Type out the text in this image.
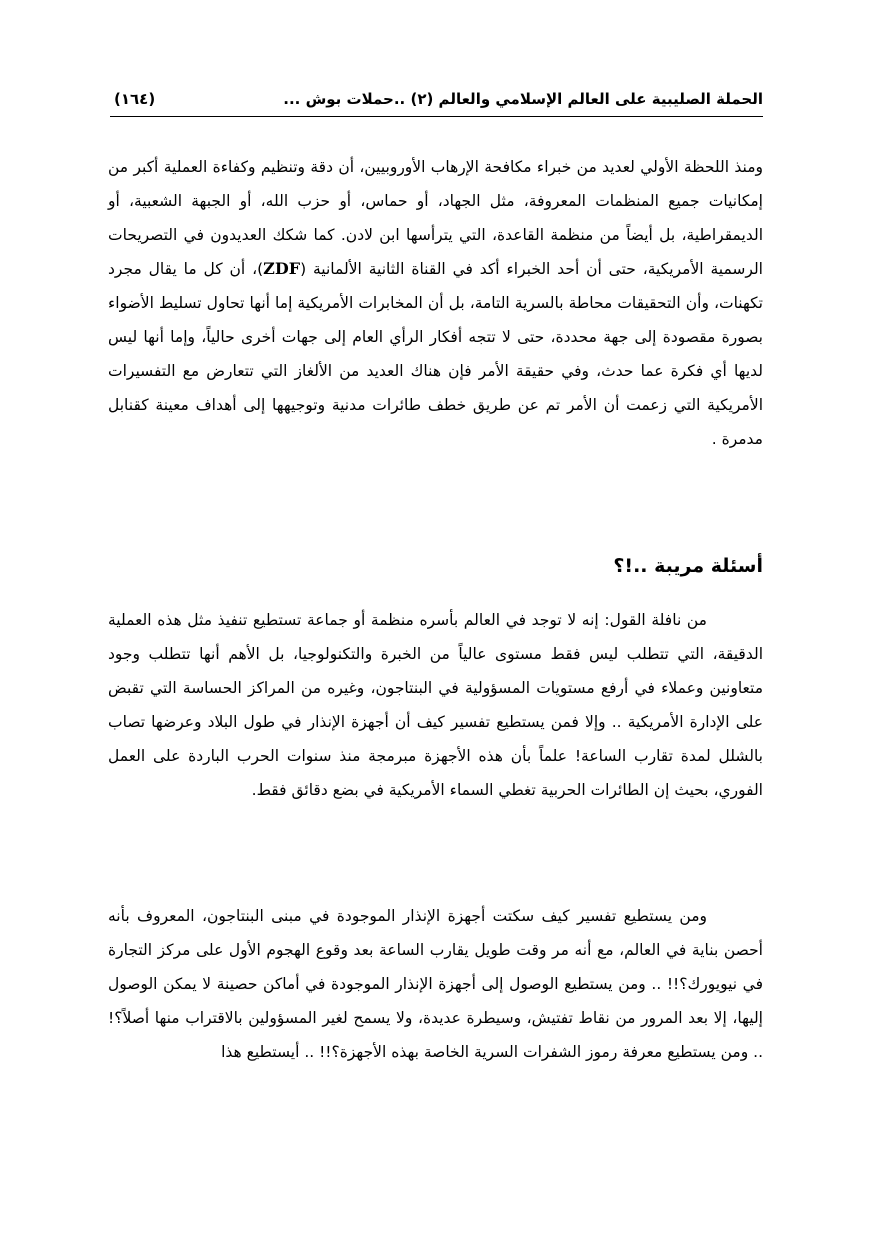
الحملة الصليبية على العالم الإسلامي والعالم (٢) ..حملات بوش ...
(١٦٤)

ومنذ اللحظة الأولي لعديد من خبراء مكافحة الإرهاب الأوروبيين، أن دقة وتنظيم وكفاءة العملية أكبر من إمكانيات جميع المنظمات المعروفة، مثل الجهاد، أو حماس، أو حزب الله، أو الجبهة الشعبية، أو الديمقراطية، بل أيضاً من منظمة القاعدة، التي يترأسها ابن لادن. كما شكك العديدون في التصريحات الرسمية الأمريكية، حتى أن أحد الخبراء أكد في القناة الثانية الألمانية (ZDF)، أن كل ما يقال مجرد تكهنات، وأن التحقيقات محاطة بالسرية التامة، بل أن المخابرات الأمريكية إما أنها تحاول تسليط الأضواء بصورة مقصودة إلى جهة محددة، حتى لا تتجه أفكار الرأي العام إلى جهات أخرى حالياً، وإما أنها ليس لديها أي فكرة عما حدث، وفي حقيقة الأمر فإن هناك العديد من الألغاز التي تتعارض مع التفسيرات الأمريكية التي زعمت أن الأمر تم عن طريق خطف طائرات مدنية وتوجيهها إلى أهداف معينة كقنابل مدمرة .

أسئلة مريبة ..!؟

من نافلة القول: إنه لا توجد في العالم بأسره منظمة أو جماعة تستطيع تنفيذ مثل هذه العملية الدقيقة، التي تتطلب ليس فقط مستوى عالياً من الخبرة والتكنولوجيا، بل الأهم أنها تتطلب وجود متعاونين وعملاء في أرفع مستويات المسؤولية في البنتاجون، وغيره من المراكز الحساسة التي تقبض على الإدارة الأمريكية .. وإلا فمن يستطيع تفسير كيف أن أجهزة الإنذار في طول البلاد وعرضها تصاب بالشلل لمدة تقارب الساعة! علماً بأن هذه الأجهزة مبرمجة منذ سنوات الحرب الباردة على العمل الفوري، بحيث إن الطائرات الحربية تغطي السماء الأمريكية في بضع دقائق فقط.

ومن يستطيع تفسير كيف سكتت أجهزة الإنذار الموجودة في مبنى البنتاجون، المعروف بأنه أحصن بناية في العالم، مع أنه مر وقت طويل يقارب الساعة بعد وقوع الهجوم الأول على مركز التجارة في نيويورك؟!! .. ومن يستطيع الوصول إلى أجهزة الإنذار الموجودة في أماكن حصينة لا يمكن الوصول إليها، إلا بعد المرور من نقاط تفتيش، وسيطرة عديدة، ولا يسمح لغير المسؤولين بالاقتراب منها أصلاً؟! .. ومن يستطيع معرفة رموز الشفرات السرية الخاصة بهذه الأجهزة؟!! .. أيستطيع هذا
